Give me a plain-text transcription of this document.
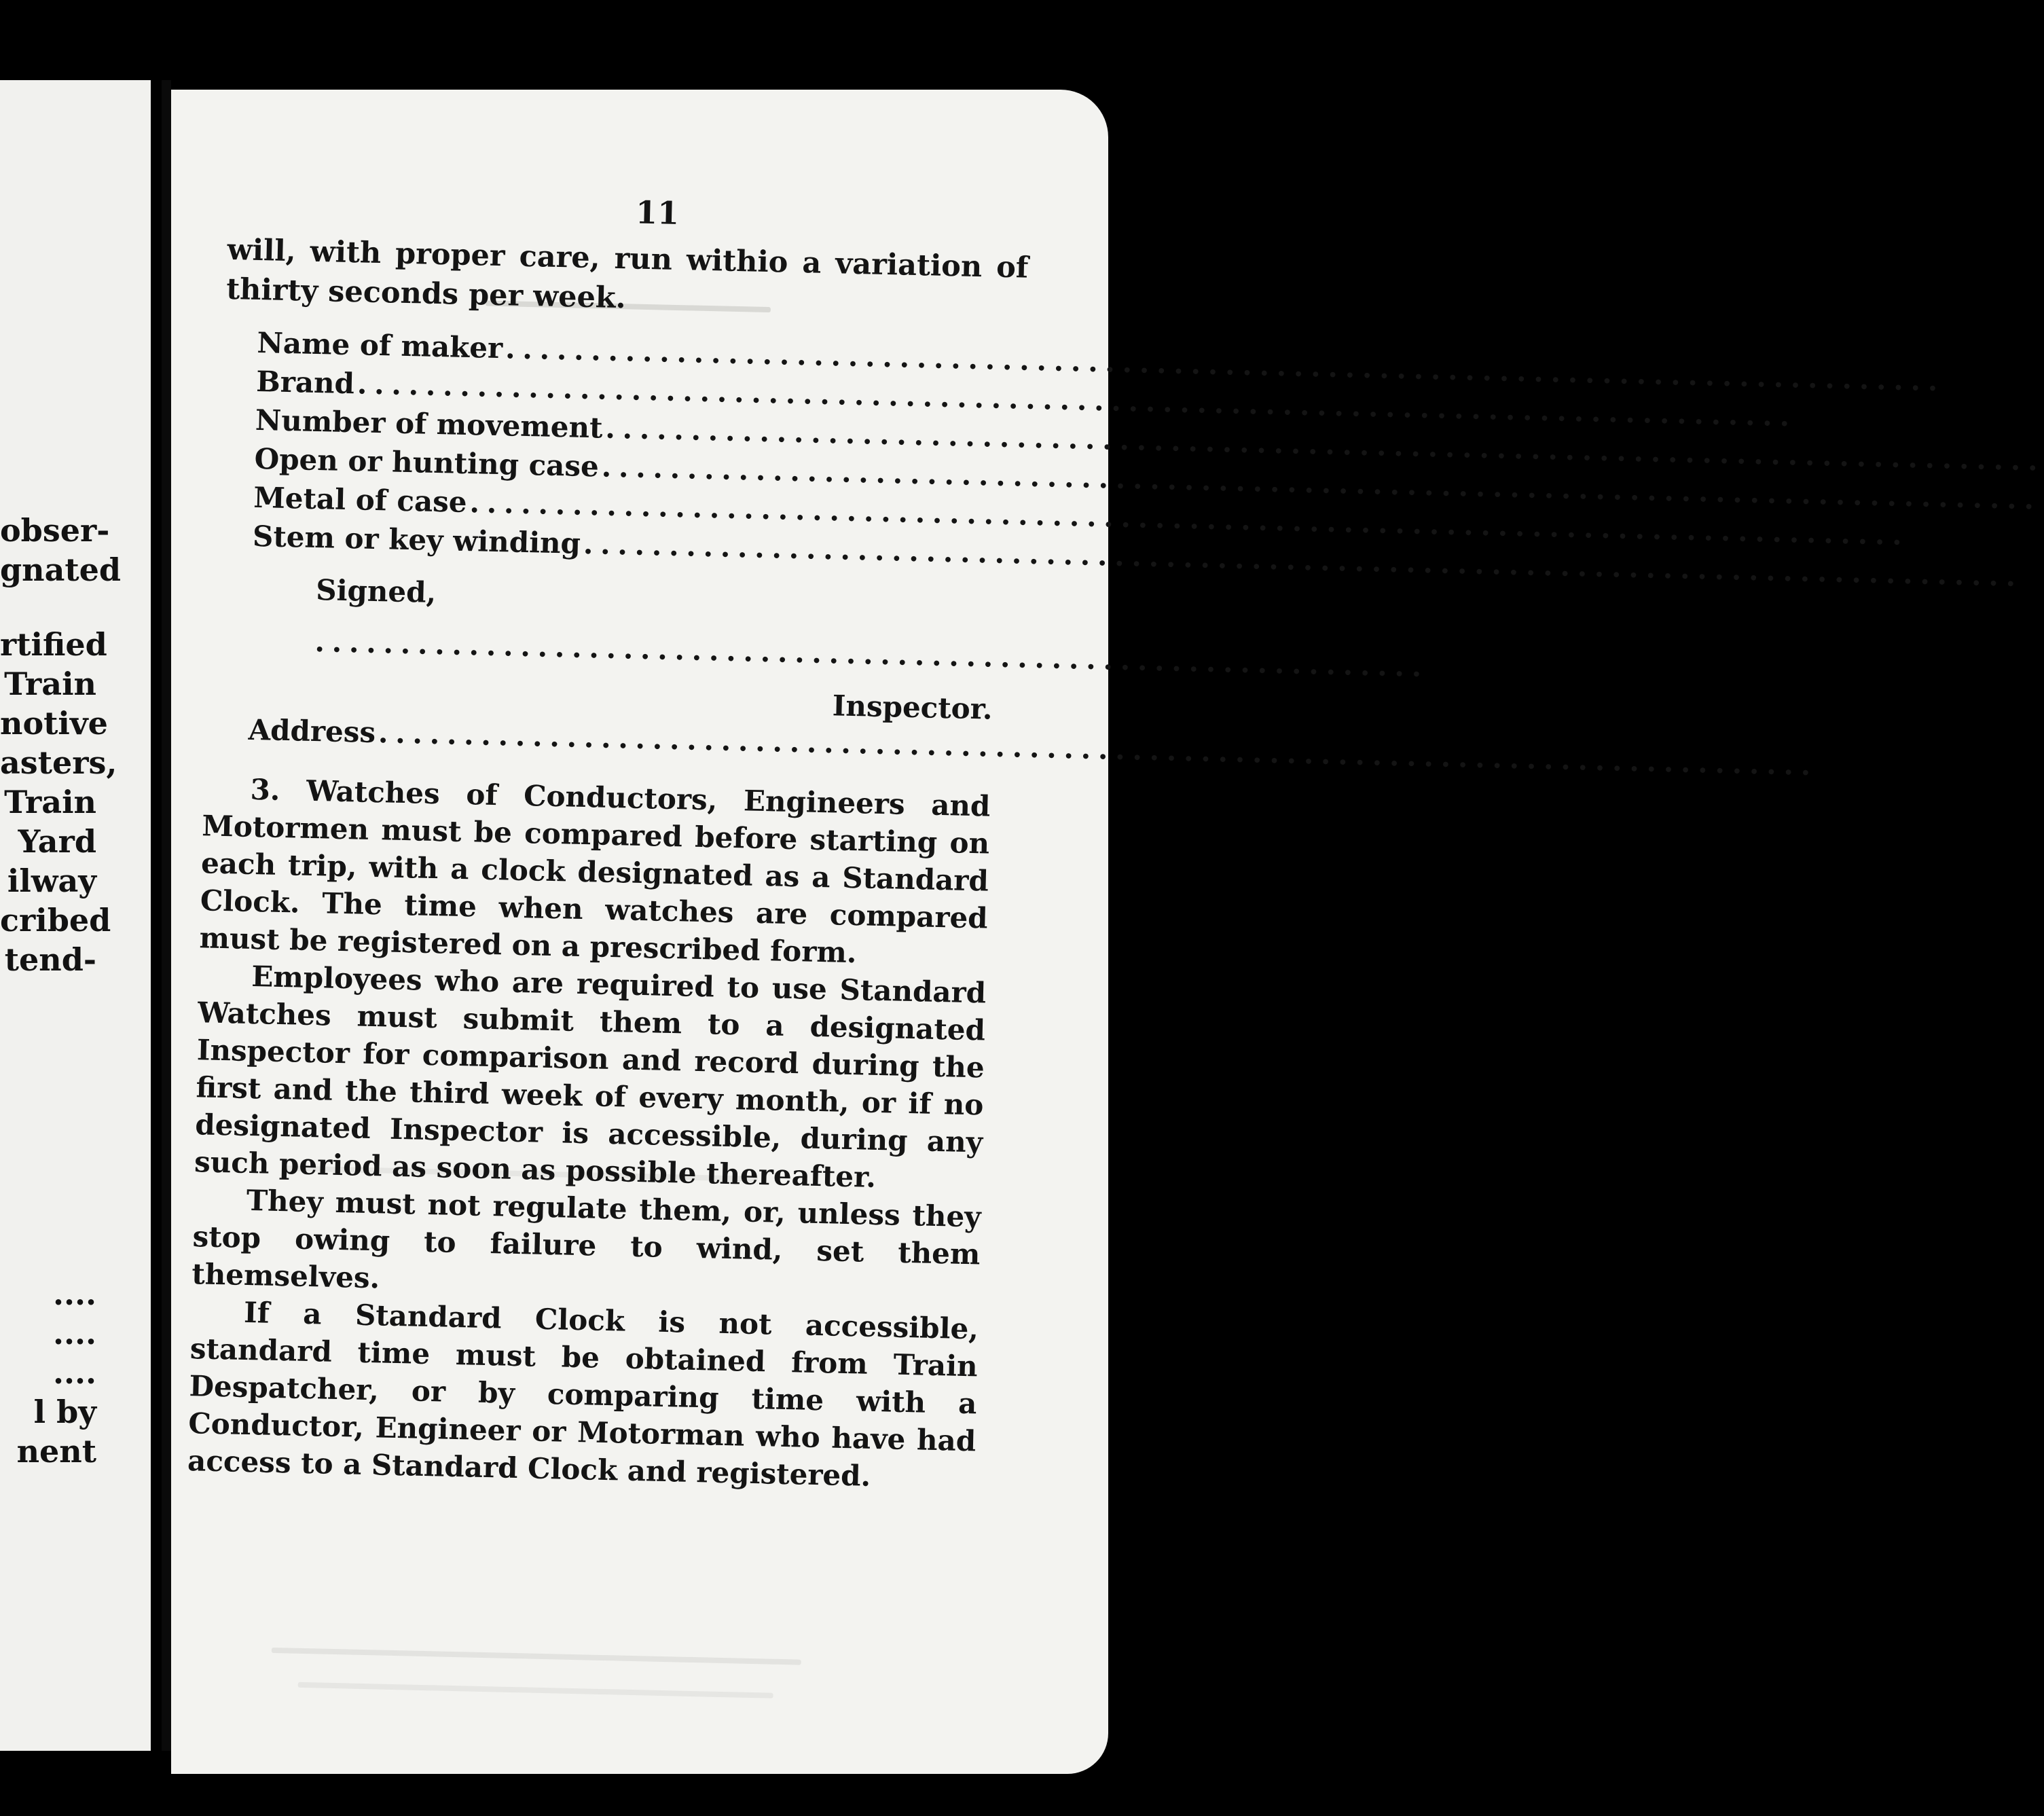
obser-
gnated
rtified
Train
notive
asters,
Train
Yard
ilway
cribed
tend-
....
....
....
l by
nent
11
will, with proper care, run withio a variation of thirty seconds per week.
Name of maker
. . .
Brand
. . .
Number of movement
. . .
Open or hunting case
. . .
Metal of case
. . .
Stem or key winding
. . .
Signed,
. . .
Inspector.
Address
. . .

3. Watches of Conductors, Engineers and Motormen must be compared before starting on each trip, with a clock designated as a Standard Clock. The time when watches are compared must be registered on a prescribed form.

Employees who are required to use Standard Watches must submit them to a designated Inspector for comparison and record during the first and the third week of every month, or if no designated Inspector is accessible, during any such period as soon as possible thereafter.

They must not regulate them, or, unless they stop owing to failure to wind, set them themselves.

If a Standard Clock is not accessible, standard time must be obtained from Train Despatcher, or by comparing time with a Conductor, Engineer or Motorman who have had access to a Standard Clock and registered.
